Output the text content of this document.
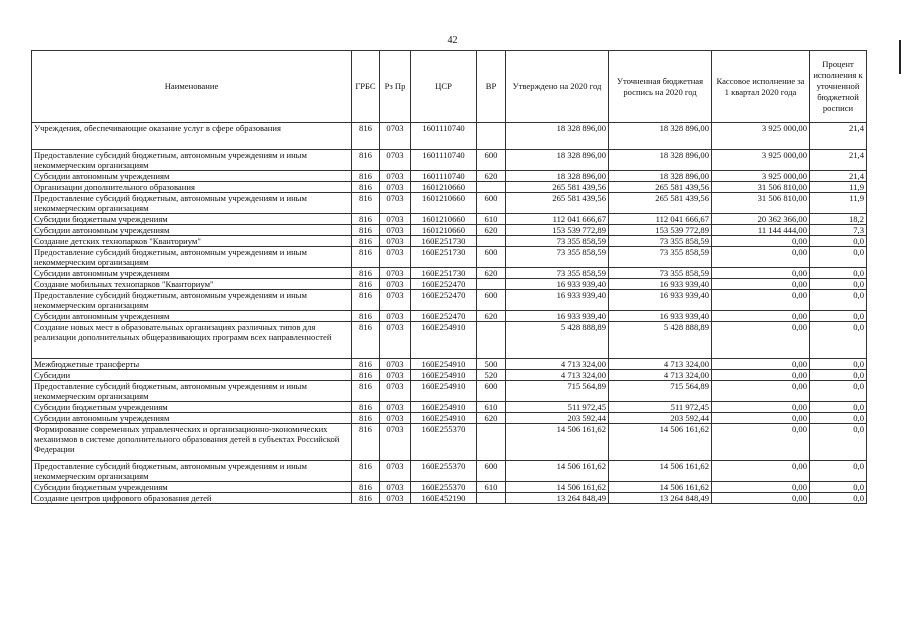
42
Наименование	ГРБС	Рз Пр	ЦСР	ВР	Утверждено на 2020 год	Уточненная бюджетная роспись на 2020 год	Кассовое исполнение за 1 квартал 2020 года	Процент исполнения к уточненной бюджетной росписи
Учреждения, обеспечивающие оказание услуг в сфере образования	816	0703	1601110740		18 328 896,00	18 328 896,00	3 925 000,00	21,4
Предоставление субсидий бюджетным, автономным учреждениям и иным некоммерческим организациям	816	0703	1601110740	600	18 328 896,00	18 328 896,00	3 925 000,00	21,4
Субсидии автономным учреждениям	816	0703	1601110740	620	18 328 896,00	18 328 896,00	3 925 000,00	21,4
Организации дополнительного образования	816	0703	1601210660		265 581 439,56	265 581 439,56	31 506 810,00	11,9
Предоставление субсидий бюджетным, автономным учреждениям и иным некоммерческим организациям	816	0703	1601210660	600	265 581 439,56	265 581 439,56	31 506 810,00	11,9
Субсидии бюджетным учреждениям	816	0703	1601210660	610	112 041 666,67	112 041 666,67	20 362 366,00	18,2
Субсидии автономным учреждениям	816	0703	1601210660	620	153 539 772,89	153 539 772,89	11 144 444,00	7,3
Создание детских технопарков "Кванториум"	816	0703	160E251730		73 355 858,59	73 355 858,59	0,00	0,0
Предоставление субсидий бюджетным, автономным учреждениям и иным некоммерческим организациям	816	0703	160E251730	600	73 355 858,59	73 355 858,59	0,00	0,0
Субсидии автономным учреждениям	816	0703	160E251730	620	73 355 858,59	73 355 858,59	0,00	0,0
Создание мобильных технопарков "Кванториум"	816	0703	160E252470		16 933 939,40	16 933 939,40	0,00	0,0
Предоставление субсидий бюджетным, автономным учреждениям и иным некоммерческим организациям	816	0703	160E252470	600	16 933 939,40	16 933 939,40	0,00	0,0
Субсидии автономным учреждениям	816	0703	160E252470	620	16 933 939,40	16 933 939,40	0,00	0,0
Создание новых мест в образовательных организациях различных типов для реализации дополнительных общеразвивающих программ всех направленностей	816	0703	160E254910		5 428 888,89	5 428 888,89	0,00	0,0
Межбюджетные трансферты	816	0703	160E254910	500	4 713 324,00	4 713 324,00	0,00	0,0
Субсидии	816	0703	160E254910	520	4 713 324,00	4 713 324,00	0,00	0,0
Предоставление субсидий бюджетным, автономным учреждениям и иным некоммерческим организациям	816	0703	160E254910	600	715 564,89	715 564,89	0,00	0,0
Субсидии бюджетным учреждениям	816	0703	160E254910	610	511 972,45	511 972,45	0,00	0,0
Субсидии автономным учреждениям	816	0703	160E254910	620	203 592,44	203 592,44	0,00	0,0
Формирование современных управленческих и организационно-экономических механизмов в системе дополнительного образования детей в субъектах Российской Федерации	816	0703	160E255370		14 506 161,62	14 506 161,62	0,00	0,0
Предоставление субсидий бюджетным, автономным учреждениям и иным некоммерческим организациям	816	0703	160E255370	600	14 506 161,62	14 506 161,62	0,00	0,0
Субсидии бюджетным учреждениям	816	0703	160E255370	610	14 506 161,62	14 506 161,62	0,00	0,0
Создание центров цифрового образования детей	816	0703	160E452190		13 264 848,49	13 264 848,49	0,00	0,0
